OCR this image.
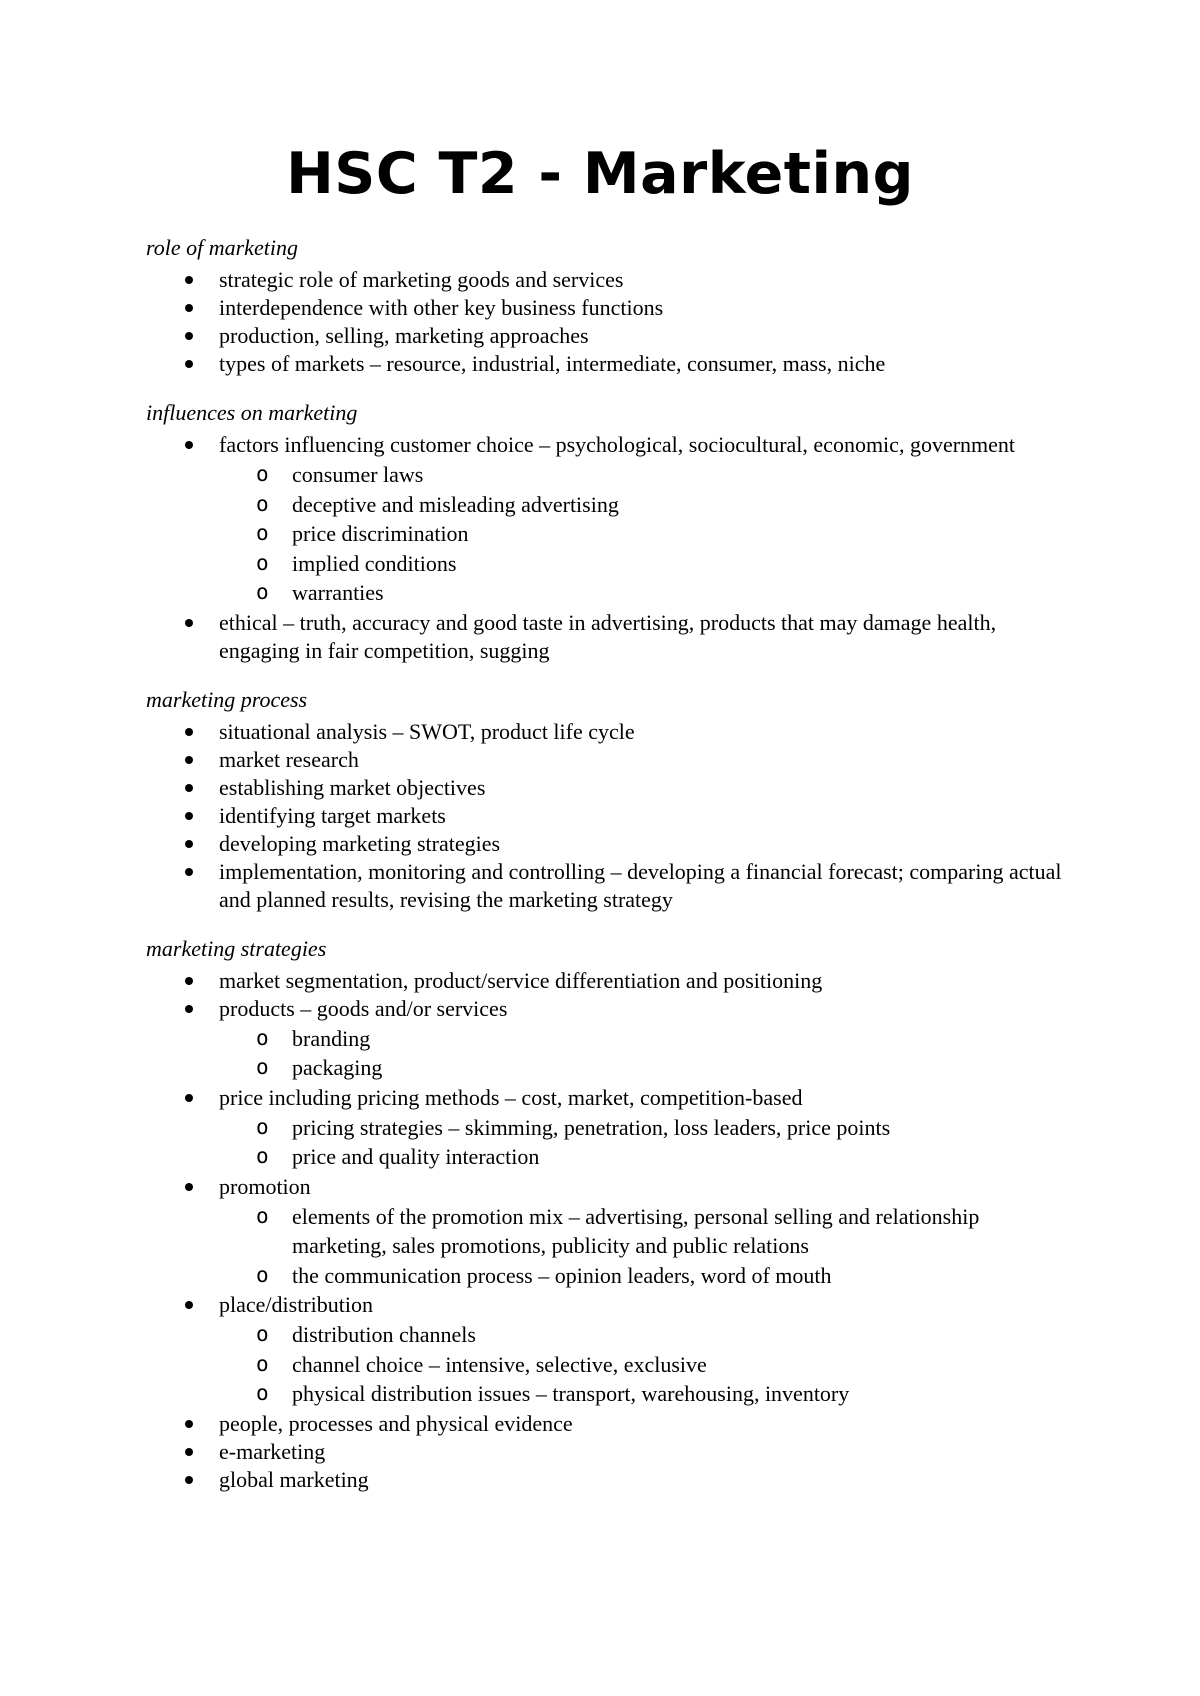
HSC T2 - Marketing
role of marketing
strategic role of marketing goods and services
interdependence with other key business functions
production, selling, marketing approaches
types of markets – resource, industrial, intermediate, consumer, mass, niche
influences on marketing
factors influencing customer choice – psychological, sociocultural, economic, government
o consumer laws
o deceptive and misleading advertising
o price discrimination
o implied conditions
o warranties
ethical – truth, accuracy and good taste in advertising, products that may damage health, engaging in fair competition, sugging
marketing process
situational analysis – SWOT, product life cycle
market research
establishing market objectives
identifying target markets
developing marketing strategies
implementation, monitoring and controlling – developing a financial forecast; comparing actual and planned results, revising the marketing strategy
marketing strategies
market segmentation, product/service differentiation and positioning
products – goods and/or services
o branding
o packaging
price including pricing methods – cost, market, competition-based
o pricing strategies – skimming, penetration, loss leaders, price points
o price and quality interaction
promotion
o elements of the promotion mix – advertising, personal selling and relationship marketing, sales promotions, publicity and public relations
o the communication process – opinion leaders, word of mouth
place/distribution
o distribution channels
o channel choice – intensive, selective, exclusive
o physical distribution issues – transport, warehousing, inventory
people, processes and physical evidence
e-marketing
global marketing
